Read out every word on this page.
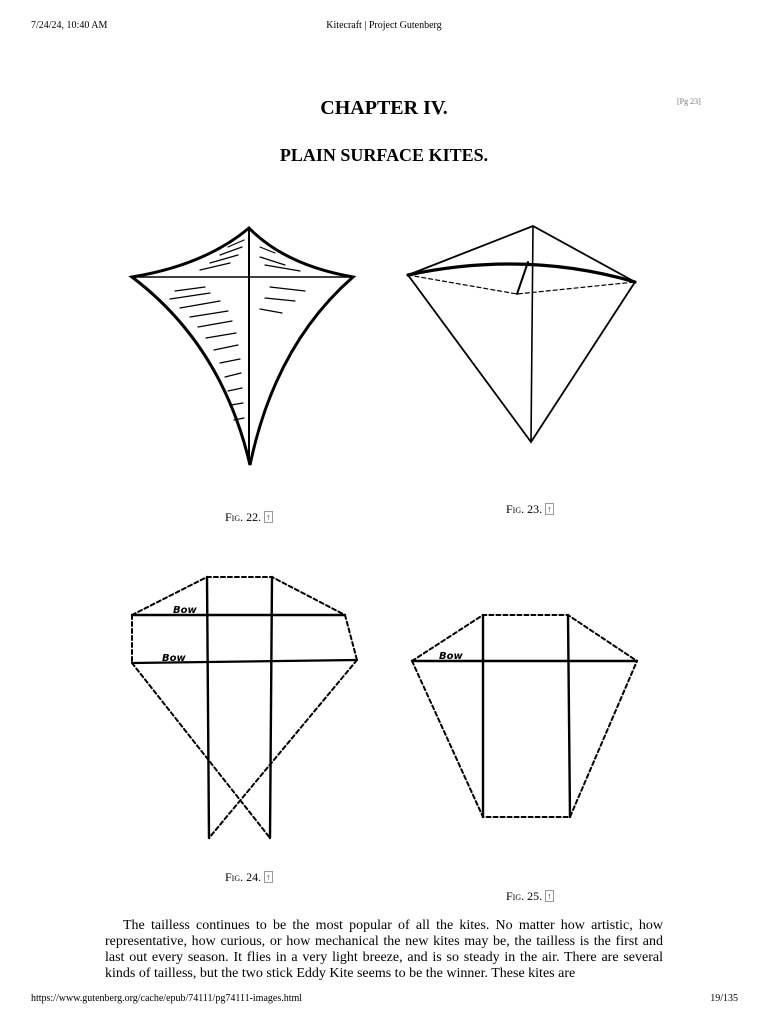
7/24/24, 10:40 AM	Kitecraft | Project Gutenberg
[Pg 23]
CHAPTER IV.
PLAIN SURFACE KITES.
Fig. 22. ↑
Fig. 23. ↑
Bow
Bow
Fig. 24. ↑
Bow
Fig. 25. ↑
The tailless continues to be the most popular of all the kites. No matter how artistic, how representative, how curious, or how mechanical the new kites may be, the tailless is the first and last out every season. It flies in a very light breeze, and is so steady in the air. There are several kinds of tailless, but the two stick Eddy Kite seems to be the winner. These kites are
https://www.gutenberg.org/cache/epub/74111/pg74111-images.html	19/135
